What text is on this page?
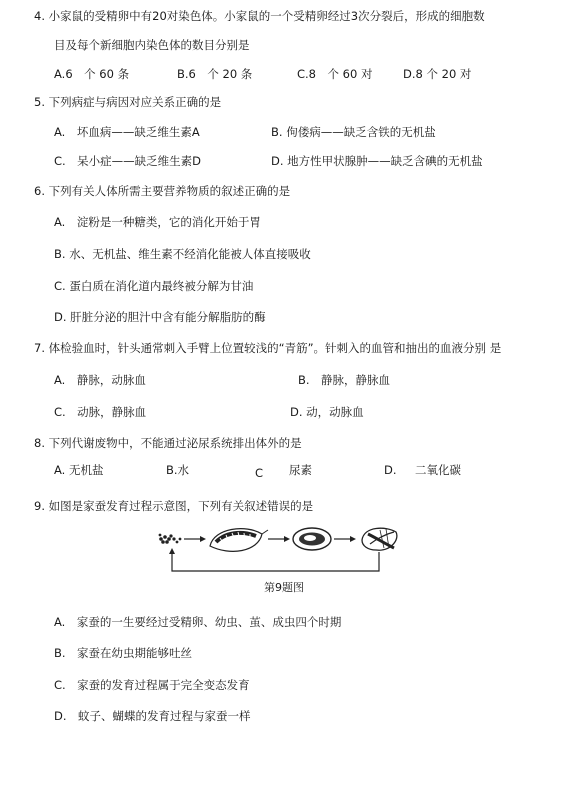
4. 小家鼠的受精卵中有20对染色体。小家鼠的一个受精卵经过3次分裂后，形成的细胞数
目及每个新细胞内染色体的数目分别是
A.6　个 60 条	B.6　个 20 条	C.8　个 60 对	D.8 个 20 对
5. 下列病症与病因对应关系正确的是
A.　坏血病——缺乏维生素A	B. 佝偻病——缺乏含铁的无机盐
C.　呆小症——缺乏维生素D	D. 地方性甲状腺肿——缺乏含碘的无机盐
6. 下列有关人体所需主要营养物质的叙述正确的是
A.　淀粉是一种糖类，它的消化开始于胃
B. 水、无机盐、维生素不经消化能被人体直接吸收
C. 蛋白质在消化道内最终被分解为甘油
D. 肝脏分泌的胆汁中含有能分解脂肪的酶
7. 体检验血时，针头通常刺入手臂上位置较浅的“青筋”。针刺入的血管和抽出的血液分别 是
A.　静脉，动脉血	B.　静脉，静脉血
C.　动脉，静脉血	D. 动，动脉血
8. 下列代谢废物中，不能通过泌尿系统排出体外的是
A. 无机盐	B.水	C 尿素	D. 二氧化碳
9. 如图是家蚕发育过程示意图，下列有关叙述错误的是
第9题图
A.　家蚕的一生要经过受精卵、幼虫、茧、成虫四个时期
B.　家蚕在幼虫期能够吐丝
C.　家蚕的发育过程属于完全变态发育
D.　蚊子、蝴蝶的发育过程与家蚕一样
